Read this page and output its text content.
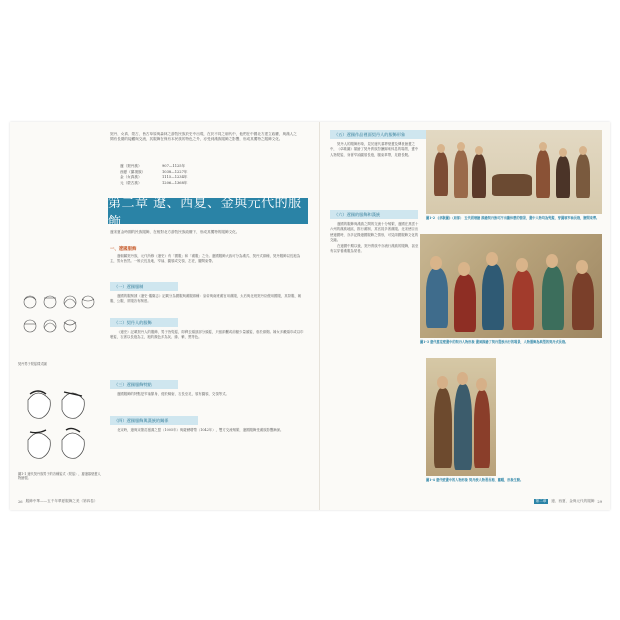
契丹、女真、蒙古，皆古草原與森林之游牧民族於史中出現，在於不同之朝代中，他們在中國北方建立政權，與漢人之間有長期的接觸與交流，其服飾在保有本民族的特色之外，亦受到漢族服飾之影響，形成其獨特之服飾文化。
遼（契丹族）	907—1125年
西夏（黨項族）	1038—1227年
金（女真族）	1115—1234年
元（蒙古族）	1206—1368年
第二章 遼、西夏、金與元代的服飾
遼宋夏金時期的民族服飾，在相對北方游牧民族政權下，形成其獨特的服飾文化。
一、遼國服飾

遼朝屬契丹族，元代所修《遼史》有「國服」和「漢服」之分。遼國服飾大致可分為漢式、契丹式兩種，契丹服飾以長袍為主，男女皆然。一般衣長及地，窄袖、圓領或交領、左衽，腰間束帶。

（一）遼國服制

遼國的服制據《遼史·儀衛志》記載分為國服與漢服兩種：皇帝與南班漢官用漢服，太后與北班契丹臣僚用國服，其祭服、朝服、公服、常服各有制度。

（二）契丹人的服飾

《遼史》記載契丹人的服飾，男子皆髡髮，即剃去頭頂部分頭髮，只留兩鬢或前額少量頭髮，垂於兩側。婦女多戴頭巾或以巾裹髮，衣著以長袍為主，袍的顏色多為灰、綠、紫、黑等色。

（三）遼國服飾特點

遼國服飾的特點是窄袖緊身、便於騎射，衣長至足，領有圓領、交領等式。

（四）遼國服飾與漢族的關係

北宋時，遼與宋簽訂澶淵之盟（1005年）與慶曆增幣（1042年），雙方交流頻繁，遼國服飾受漢族影響漸深。

契丹男子髡髮樣式圖
圖1-1 遼代契丹族男子的各種髮式（髡髮），據遼墓壁畫人物繪製。
26 服飾中華——五千年華夏服飾之美（第四卷）
（五）遼國作品裡面契丹人的服飾形象

契丹人的服飾形象，見於遼代墓葬壁畫及傳世繪畫之中，《卓歇圖》描繪了契丹貴族狩獵歸來休息的場景，畫中人物髡髮，身著窄袖圓領長袍，腰束革帶，足蹬長靴。

（六）遼國的服飾和漢族

遼國的服飾與漢族之間的交流十分頻繁，遼國在燕雲十六州的漢族地區，推行漢制，其官員多著漢服。北宋使臣出使遼國時，亦多記錄遼國服飾之情形，可見兩國服飾文化的交融。

在遼國中期以後，契丹貴族中亦流行漢族的服飾，甚至有以穿著漢服為榮者。

圖1-2 《卓歇圖》（局部） 五代胡瓌繪 描繪契丹族可汗出獵休憩的情景，畫中人物均為髡髮，穿圓領窄袖長袍，腰間束帶。
圖1-3 遼代墓室壁畫中的契丹人物形象 畫面描繪了契丹貴族出行的場景，人物服飾為典型的契丹式長袍。
圖1-4 遼代壁畫中的人物形象 契丹族人物著長袍、戴帽，形象生動。
第二章	遼、西夏、金與元代的服飾 29
